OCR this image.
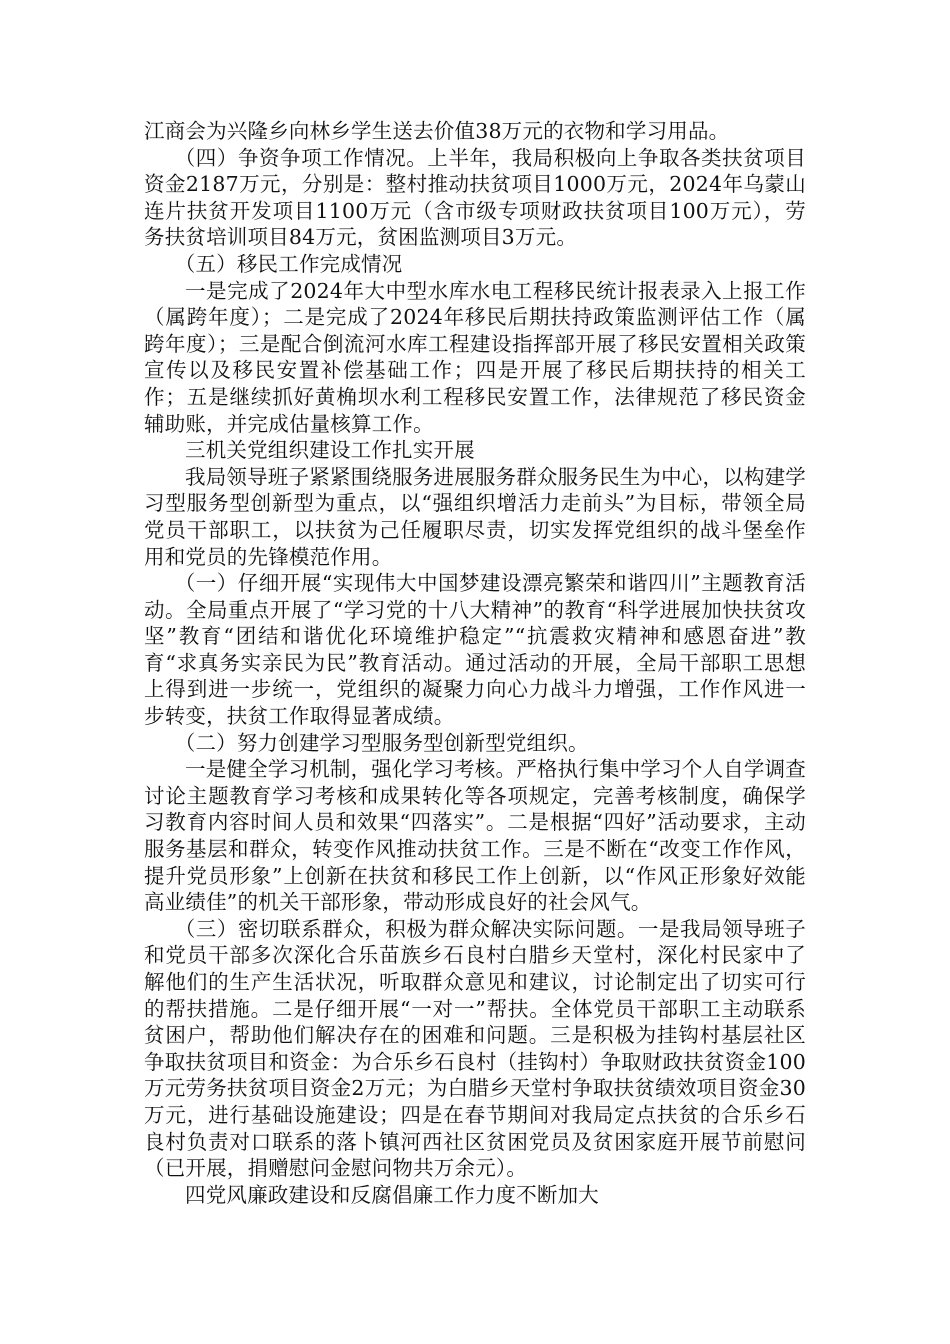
江商会为兴隆乡向林乡学生送去价值38万元的衣物和学习用品。

（四）争资争项工作情况。上半年，我局积极向上争取各类扶贫项目资金2187万元，分别是：整村推动扶贫项目1000万元，2024年乌蒙山连片扶贫开发项目1100万元（含市级专项财政扶贫项目100万元），劳务扶贫培训项目84万元，贫困监测项目3万元。

（五）移民工作完成情况

一是完成了2024年大中型水库水电工程移民统计报表录入上报工作（属跨年度）；二是完成了2024年移民后期扶持政策监测评估工作（属跨年度）；三是配合倒流河水库工程建设指挥部开展了移民安置相关政策宣传以及移民安置补偿基础工作；四是开展了移民后期扶持的相关工作；五是继续抓好黄桷坝水利工程移民安置工作，法律规范了移民资金辅助账，并完成估量核算工作。

三机关党组织建设工作扎实开展

我局领导班子紧紧围绕服务进展服务群众服务民生为中心，以构建学习型服务型创新型为重点，以“强组织增活力走前头”为目标，带领全局党员干部职工，以扶贫为己任履职尽责，切实发挥党组织的战斗堡垒作用和党员的先锋模范作用。

（一）仔细开展“实现伟大中国梦建设漂亮繁荣和谐四川”主题教育活动。全局重点开展了“学习党的十八大精神”的教育“科学进展加快扶贫攻坚”教育“团结和谐优化环境维护稳定”“抗震救灾精神和感恩奋进”教育“求真务实亲民为民”教育活动。通过活动的开展，全局干部职工思想上得到进一步统一，党组织的凝聚力向心力战斗力增强，工作作风进一步转变，扶贫工作取得显著成绩。

（二）努力创建学习型服务型创新型党组织。

一是健全学习机制，强化学习考核。严格执行集中学习个人自学调查讨论主题教育学习考核和成果转化等各项规定，完善考核制度，确保学习教育内容时间人员和效果“四落实”。二是根据“四好”活动要求，主动服务基层和群众，转变作风推动扶贫工作。三是不断在“改变工作作风，提升党员形象”上创新在扶贫和移民工作上创新，以“作风正形象好效能高业绩佳”的机关干部形象，带动形成良好的社会风气。

（三）密切联系群众，积极为群众解决实际问题。一是我局领导班子和党员干部多次深化合乐苗族乡石良村白腊乡天堂村，深化村民家中了解他们的生产生活状况，听取群众意见和建议，讨论制定出了切实可行的帮扶措施。二是仔细开展“一对一”帮扶。全体党员干部职工主动联系贫困户，帮助他们解决存在的困难和问题。三是积极为挂钩村基层社区争取扶贫项目和资金：为合乐乡石良村（挂钩村）争取财政扶贫资金100万元劳务扶贫项目资金2万元；为白腊乡天堂村争取扶贫绩效项目资金30万元，进行基础设施建设；四是在春节期间对我局定点扶贫的合乐乡石良村负责对口联系的落卜镇河西社区贫困党员及贫困家庭开展节前慰问（已开展，捐赠慰问金慰问物共万余元）。

四党风廉政建设和反腐倡廉工作力度不断加大
